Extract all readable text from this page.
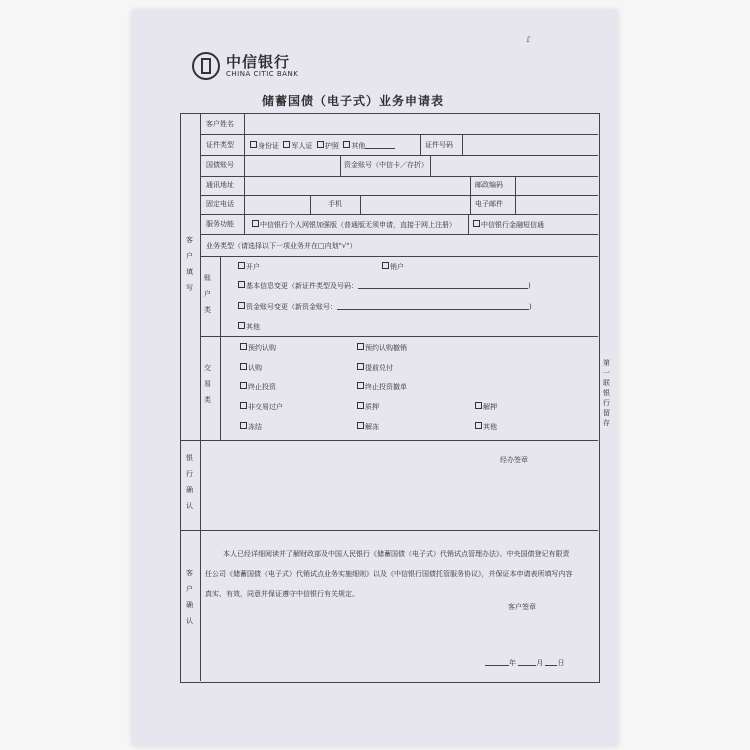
中信银行
CHINA CITIC BANK
ɾ
储蓄国债（电子式）业务申请表
客户填写
客户姓名
证件类型	身份证 军人证 护照 其他	证件号码
国债账号	资金账号（中信卡／存折）
通讯地址	邮政编码
固定电话	手机	电子邮件
服务功能	中信银行个人网银加强版（普通版无须申请，直接于网上注册）	中信银行金融短信通
业务类型（请选择以下一项业务并在□内划"√"）
账户类
开户	销户
基本信息变更（新证件类型及号码：	)
资金账号变更（新资金账号：	)
其他
交易类
预约认购	预约认购撤销
认购	提前兑付
终止投资	终止投资撤单
非交易过户	质押	解押
冻结	解冻	其他
银行确认
经办签章
客户确认
本人已经详细阅读并了解财政部及中国人民银行《储蓄国债（电子式）代销试点管理办法》、中央国债登记有限责
任公司《储蓄国债（电子式）代销试点业务实施细则》以及《中信银行国债托管服务协议》，并保证本申请表所填写内容
真实、有效，同意并保证遵守中信银行有关规定。
客户签章
年	月 日
第一联 银行留存
